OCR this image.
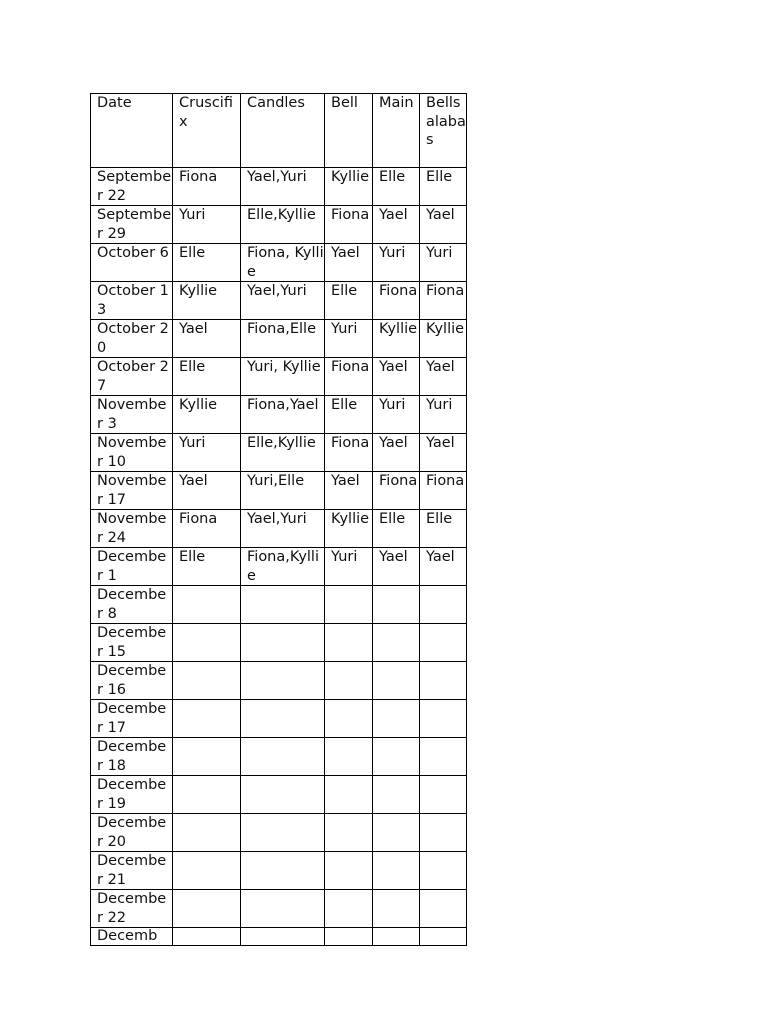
Date	Cruscifix	Candles	Bell	Main	Bellsalabas
September 22	Fiona	Yael,Yuri	Kyllie	Elle	Elle
September 29	Yuri	Elle,Kyllie	Fiona	Yael	Yael
October 6	Elle	Fiona, Kyllie	Yael	Yuri	Yuri
October 13	Kyllie	Yael,Yuri	Elle	Fiona	Fiona
October 20	Yael	Fiona,Elle	Yuri	Kyllie	Kyllie
October 27	Elle	Yuri, Kyllie	Fiona	Yael	Yael
November 3	Kyllie	Fiona,Yael	Elle	Yuri	Yuri
November 10	Yuri	Elle,Kyllie	Fiona	Yael	Yael
November 17	Yael	Yuri,Elle	Yael	Fiona	Fiona
November 24	Fiona	Yael,Yuri	Kyllie	Elle	Elle
December 1	Elle	Fiona,Kyllie	Yuri	Yael	Yael
December 8					
December 15					
December 16					
December 17					
December 18					
December 19					
December 20					
December 21					
December 22					
Decemb					
